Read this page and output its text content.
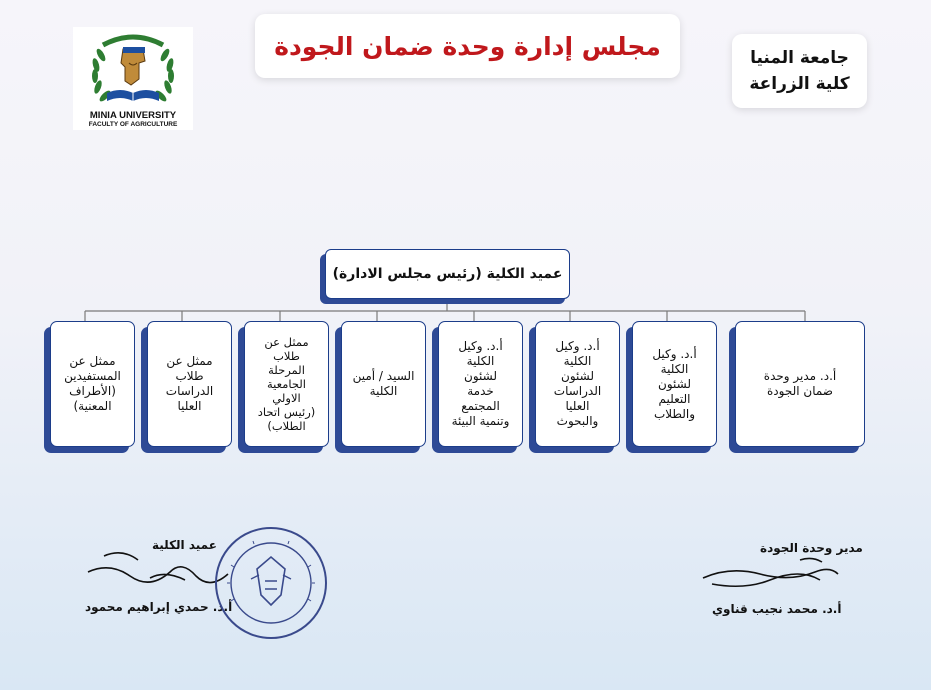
مجلس إدارة وحدة ضمان الجودة	جامعة المنيا
كلية الزراعة
MINIA UNIVERSITY
FACULTY OF AGRICULTURE
عميد الكلية (رئيس مجلس الادارة)
أ.د. مدير وحدة
ضمان الجودة
أ.د. وكيل
الكلية
لشئون
التعليم
والطلاب
أ.د. وكيل
الكلية
لشئون
الدراسات
العليا
والبحوث
أ.د. وكيل
الكلية
لشئون
خدمة
المجتمع
وتنمية البيئة
السيد / أمين
الكلية
ممثل عن
طلاب
المرحلة
الجامعية
الاولي
(رئيس اتحاد
الطلاب)
ممثل عن
طلاب
الدراسات
العليا
ممثل عن
المستفيدين
(الأطراف
المعنية)
مدير وحدة الجودة
أ.د. محمد نجيب قناوي
عميد الكلية
أ.د. حمدي إبراهيم محمود
